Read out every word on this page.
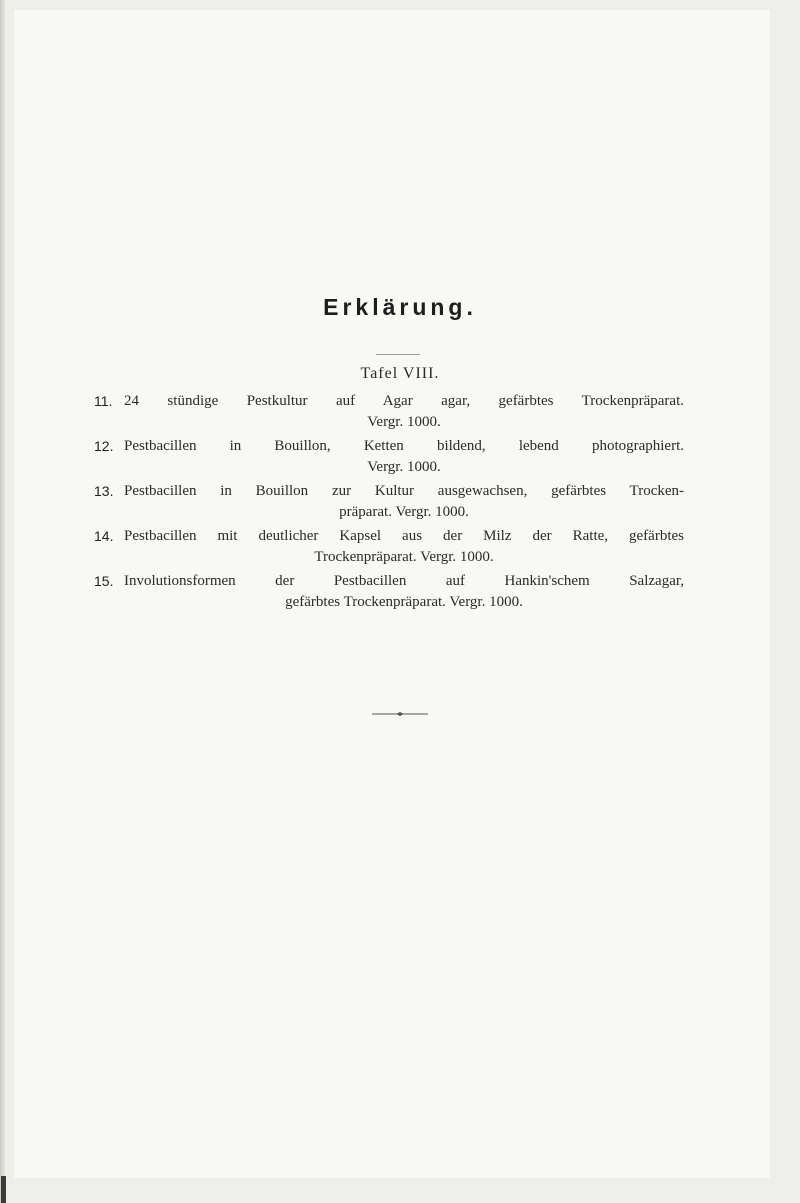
Erklärung.
Tafel VIII.
11. 24 stündige Pestkultur auf Agar agar, gefärbtes Trockenpräparat.
Vergr. 1000.
12. Pestbacillen in Bouillon, Ketten bildend, lebend photographiert.
Vergr. 1000.
13. Pestbacillen in Bouillon zur Kultur ausgewachsen, gefärbtes Trocken-
präparat. Vergr. 1000.
14. Pestbacillen mit deutlicher Kapsel aus der Milz der Ratte, gefärbtes
Trockenpräparat. Vergr. 1000.
15. Involutionsformen der Pestbacillen auf Hankin'schem Salzagar,
gefärbtes Trockenpräparat. Vergr. 1000.
